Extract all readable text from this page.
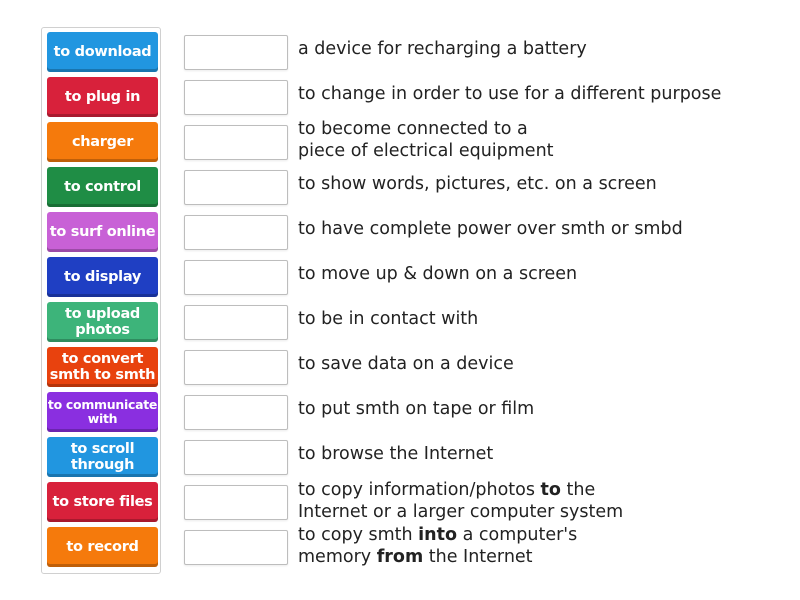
to download
to plug in
charger
to control
to surf online
to display
to upload photos
to convert smth to smth
to communicate with
to scroll through
to store files
to record
a device for recharging a battery
to change in order to use for a different purpose
to become connected to a
piece of electrical equipment
to show words, pictures, etc. on a screen
to have complete power over smth or smbd
to move up & down on a screen
to be in contact with
to save data on a device
to put smth on tape or film
to browse the Internet
to copy information/photos to the
Internet or a larger computer system
to copy smth into a computer's
memory from the Internet
